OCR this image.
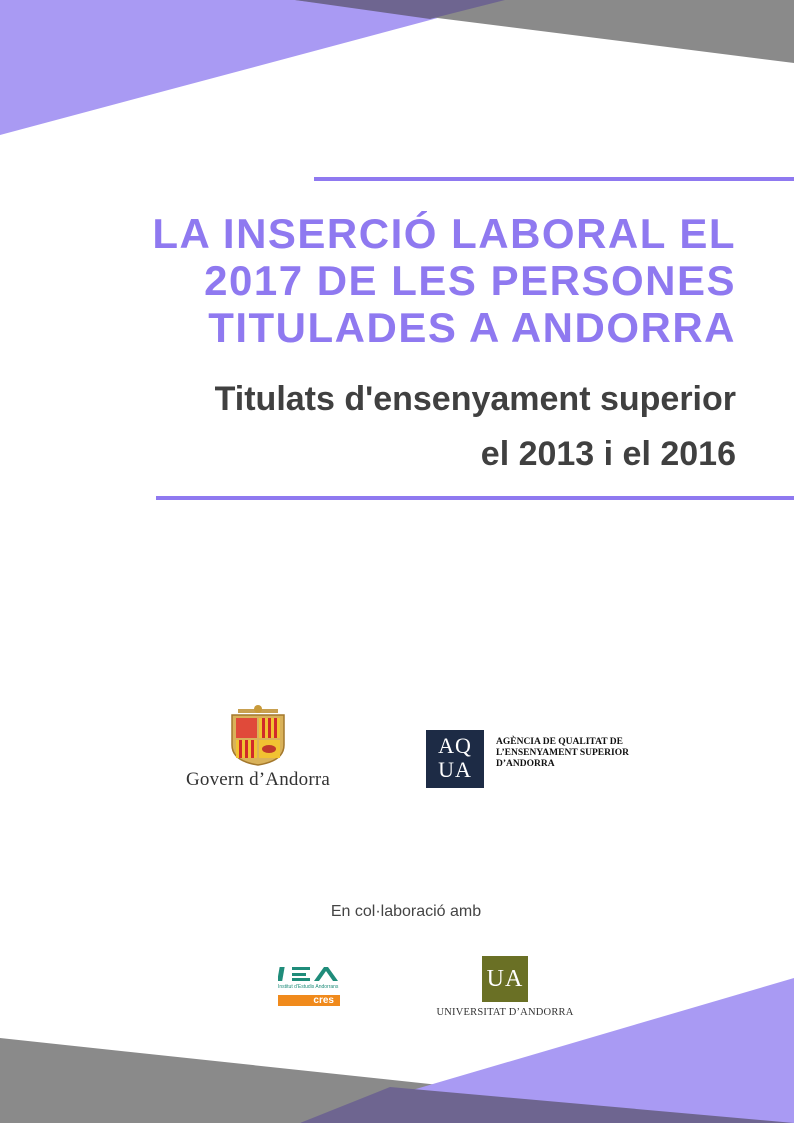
LA INSERCIÓ LABORAL EL
2017 DE LES PERSONES
TITULADES A ANDORRA
Titulats d'ensenyament superior
el 2013 i el 2016
Govern d’Andorra
AQ
UA
AGÈNCIA DE QUALITAT DE
L’ENSENYAMENT SUPERIOR
D’ANDORRA
En col·laboració amb
Institut d'Estudis Andorrans
cres
UA
UNIVERSITAT D’ANDORRA
